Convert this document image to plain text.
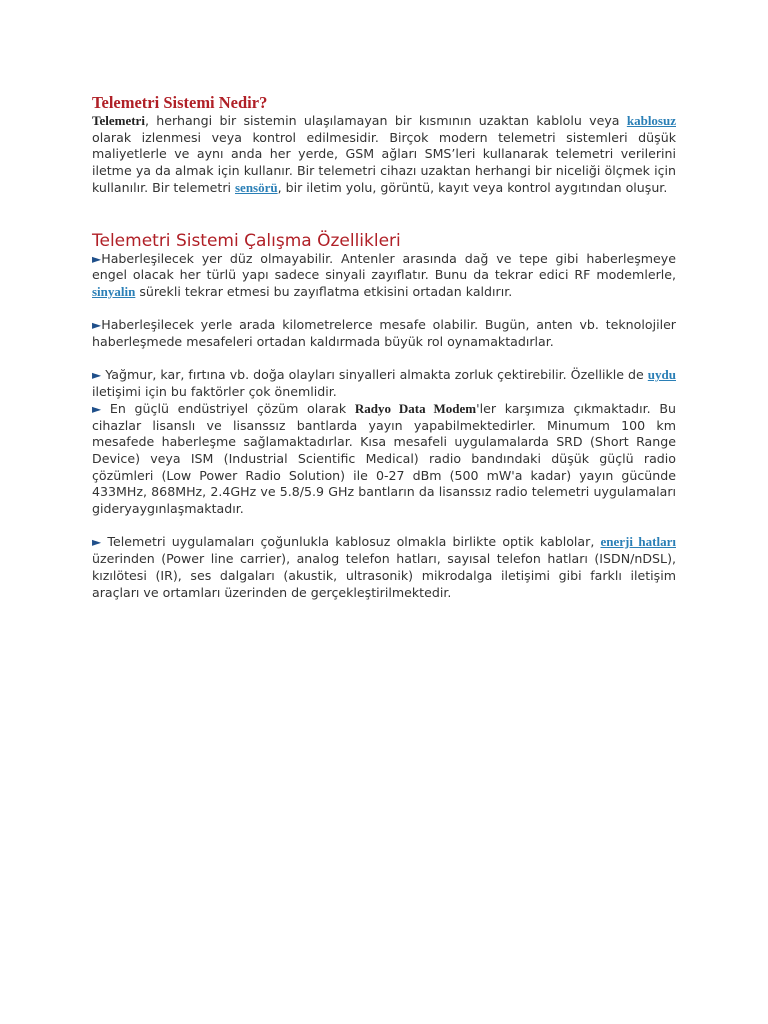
Telemetri Sistemi Nedir?

Telemetri, herhangi bir sistemin ulaşılamayan bir kısmının uzaktan kablolu veya kablosuz olarak izlenmesi veya kontrol edilmesidir. Birçok modern telemetri sistemleri düşük maliyetlerle ve aynı anda her yerde, GSM ağları SMS’leri kullanarak telemetri verilerini iletme ya da almak için kullanır. Bir telemetri cihazı uzaktan herhangi bir niceliği ölçmek için kullanılır. Bir telemetri sensörü, bir iletim yolu, görüntü, kayıt veya kontrol aygıtından oluşur.

Telemetri Sistemi Çalışma Özellikleri

►Haberleşilecek yer düz olmayabilir. Antenler arasında dağ ve tepe gibi haberleşmeye engel olacak her türlü yapı sadece sinyali zayıflatır. Bunu da tekrar edici RF modemlerle, sinyalin sürekli tekrar etmesi bu zayıflatma etkisini ortadan kaldırır.

►Haberleşilecek yerle arada kilometrelerce mesafe olabilir. Bugün, anten vb. teknolojiler haberleşmede mesafeleri ortadan kaldırmada büyük rol oynamaktadırlar.

► Yağmur, kar, fırtına vb. doğa olayları sinyalleri almakta zorluk çektirebilir. Özellikle de uydu iletişimi için bu faktörler çok önemlidir.

► En güçlü endüstriyel çözüm olarak Radyo Data Modem'ler karşımıza çıkmaktadır. Bu cihazlar lisanslı ve lisanssız bantlarda yayın yapabilmektedirler. Minumum 100 km mesafede haberleşme sağlamaktadırlar. Kısa mesafeli uygulamalarda SRD (Short Range Device) veya ISM (Industrial Scientific Medical) radio bandındaki düşük güçlü radio çözümleri (Low Power Radio Solution) ile 0-27 dBm (500 mW'a kadar) yayın gücünde 433MHz, 868MHz, 2.4GHz ve 5.8/5.9 GHz bantların da lisanssız radio telemetri uygulamaları gideryaygınlaşmaktadır.

► Telemetri uygulamaları çoğunlukla kablosuz olmakla birlikte optik kablolar, enerji hatları üzerinden (Power line carrier), analog telefon hatları, sayısal telefon hatları (ISDN/nDSL), kızılötesi (IR), ses dalgaları (akustik, ultrasonik) mikrodalga iletişimi gibi farklı iletişim araçları ve ortamları üzerinden de gerçekleştirilmektedir.
